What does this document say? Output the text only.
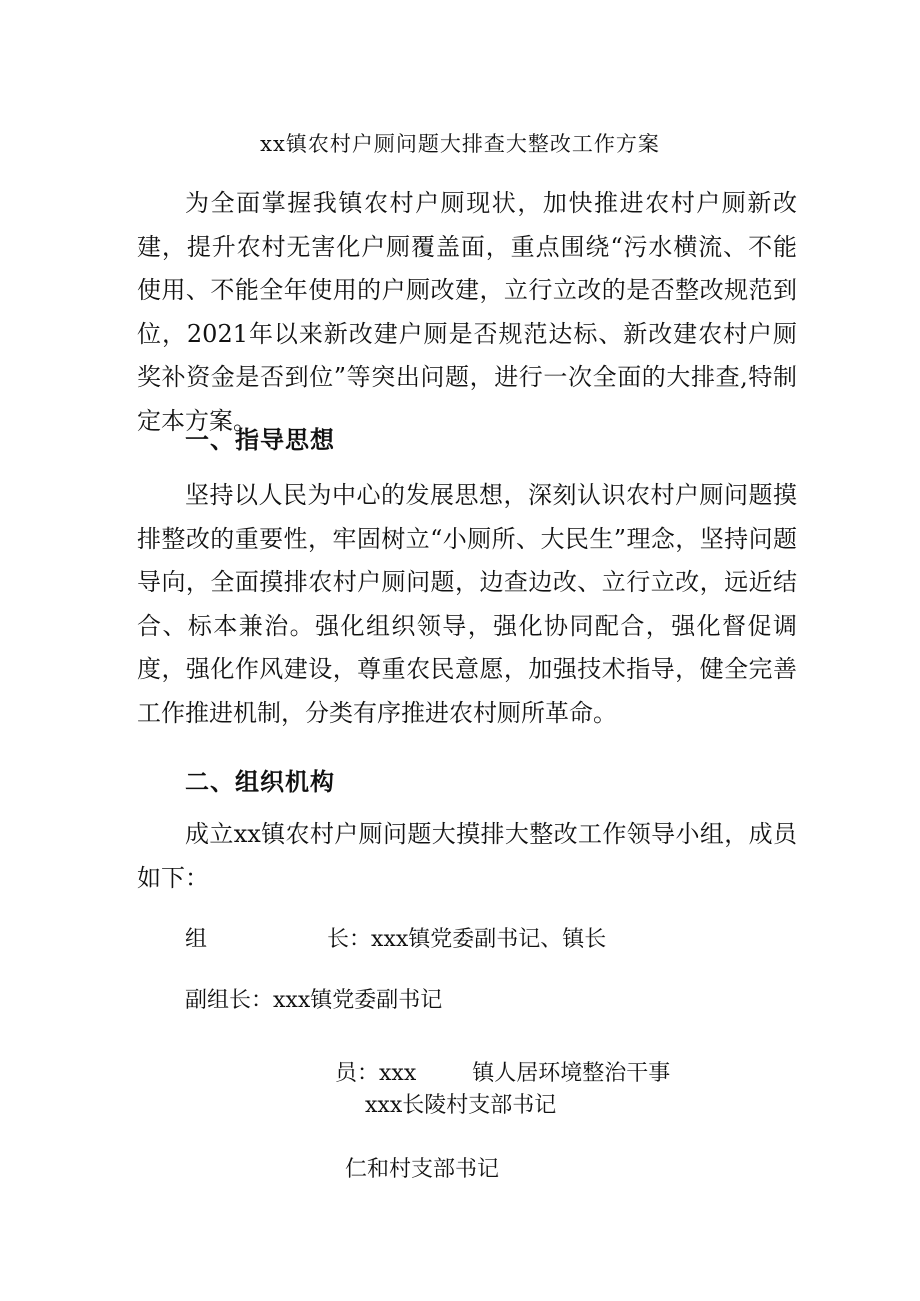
xx镇农村户厕问题大排查大整改工作方案

为全面掌握我镇农村户厕现状，加快推进农村户厕新改建，提升农村无害化户厕覆盖面，重点围绕“污水横流、不能使用、不能全年使用的户厕改建，立行立改的是否整改规范到位，2021年以来新改建户厕是否规范达标、新改建农村户厕奖补资金是否到位”等突出问题，进行一次全面的大排查,特制定本方案。

一、指导思想

坚持以人民为中心的发展思想，深刻认识农村户厕问题摸排整改的重要性，牢固树立“小厕所、大民生”理念，坚持问题导向，全面摸排农村户厕问题，边查边改、立行立改，远近结合、标本兼治。强化组织领导，强化协同配合，强化督促调度，强化作风建设，尊重农民意愿，加强技术指导，健全完善工作推进机制，分类有序推进农村厕所革命。

二、组织机构

成立xx镇农村户厕问题大摸排大整改工作领导小组，成员如下：

组	长：xxx镇党委副书记、镇长
副组长：xxx镇党委副书记
员：xxx	镇人居环境整治干事
xxx长陵村支部书记
仁和村支部书记
